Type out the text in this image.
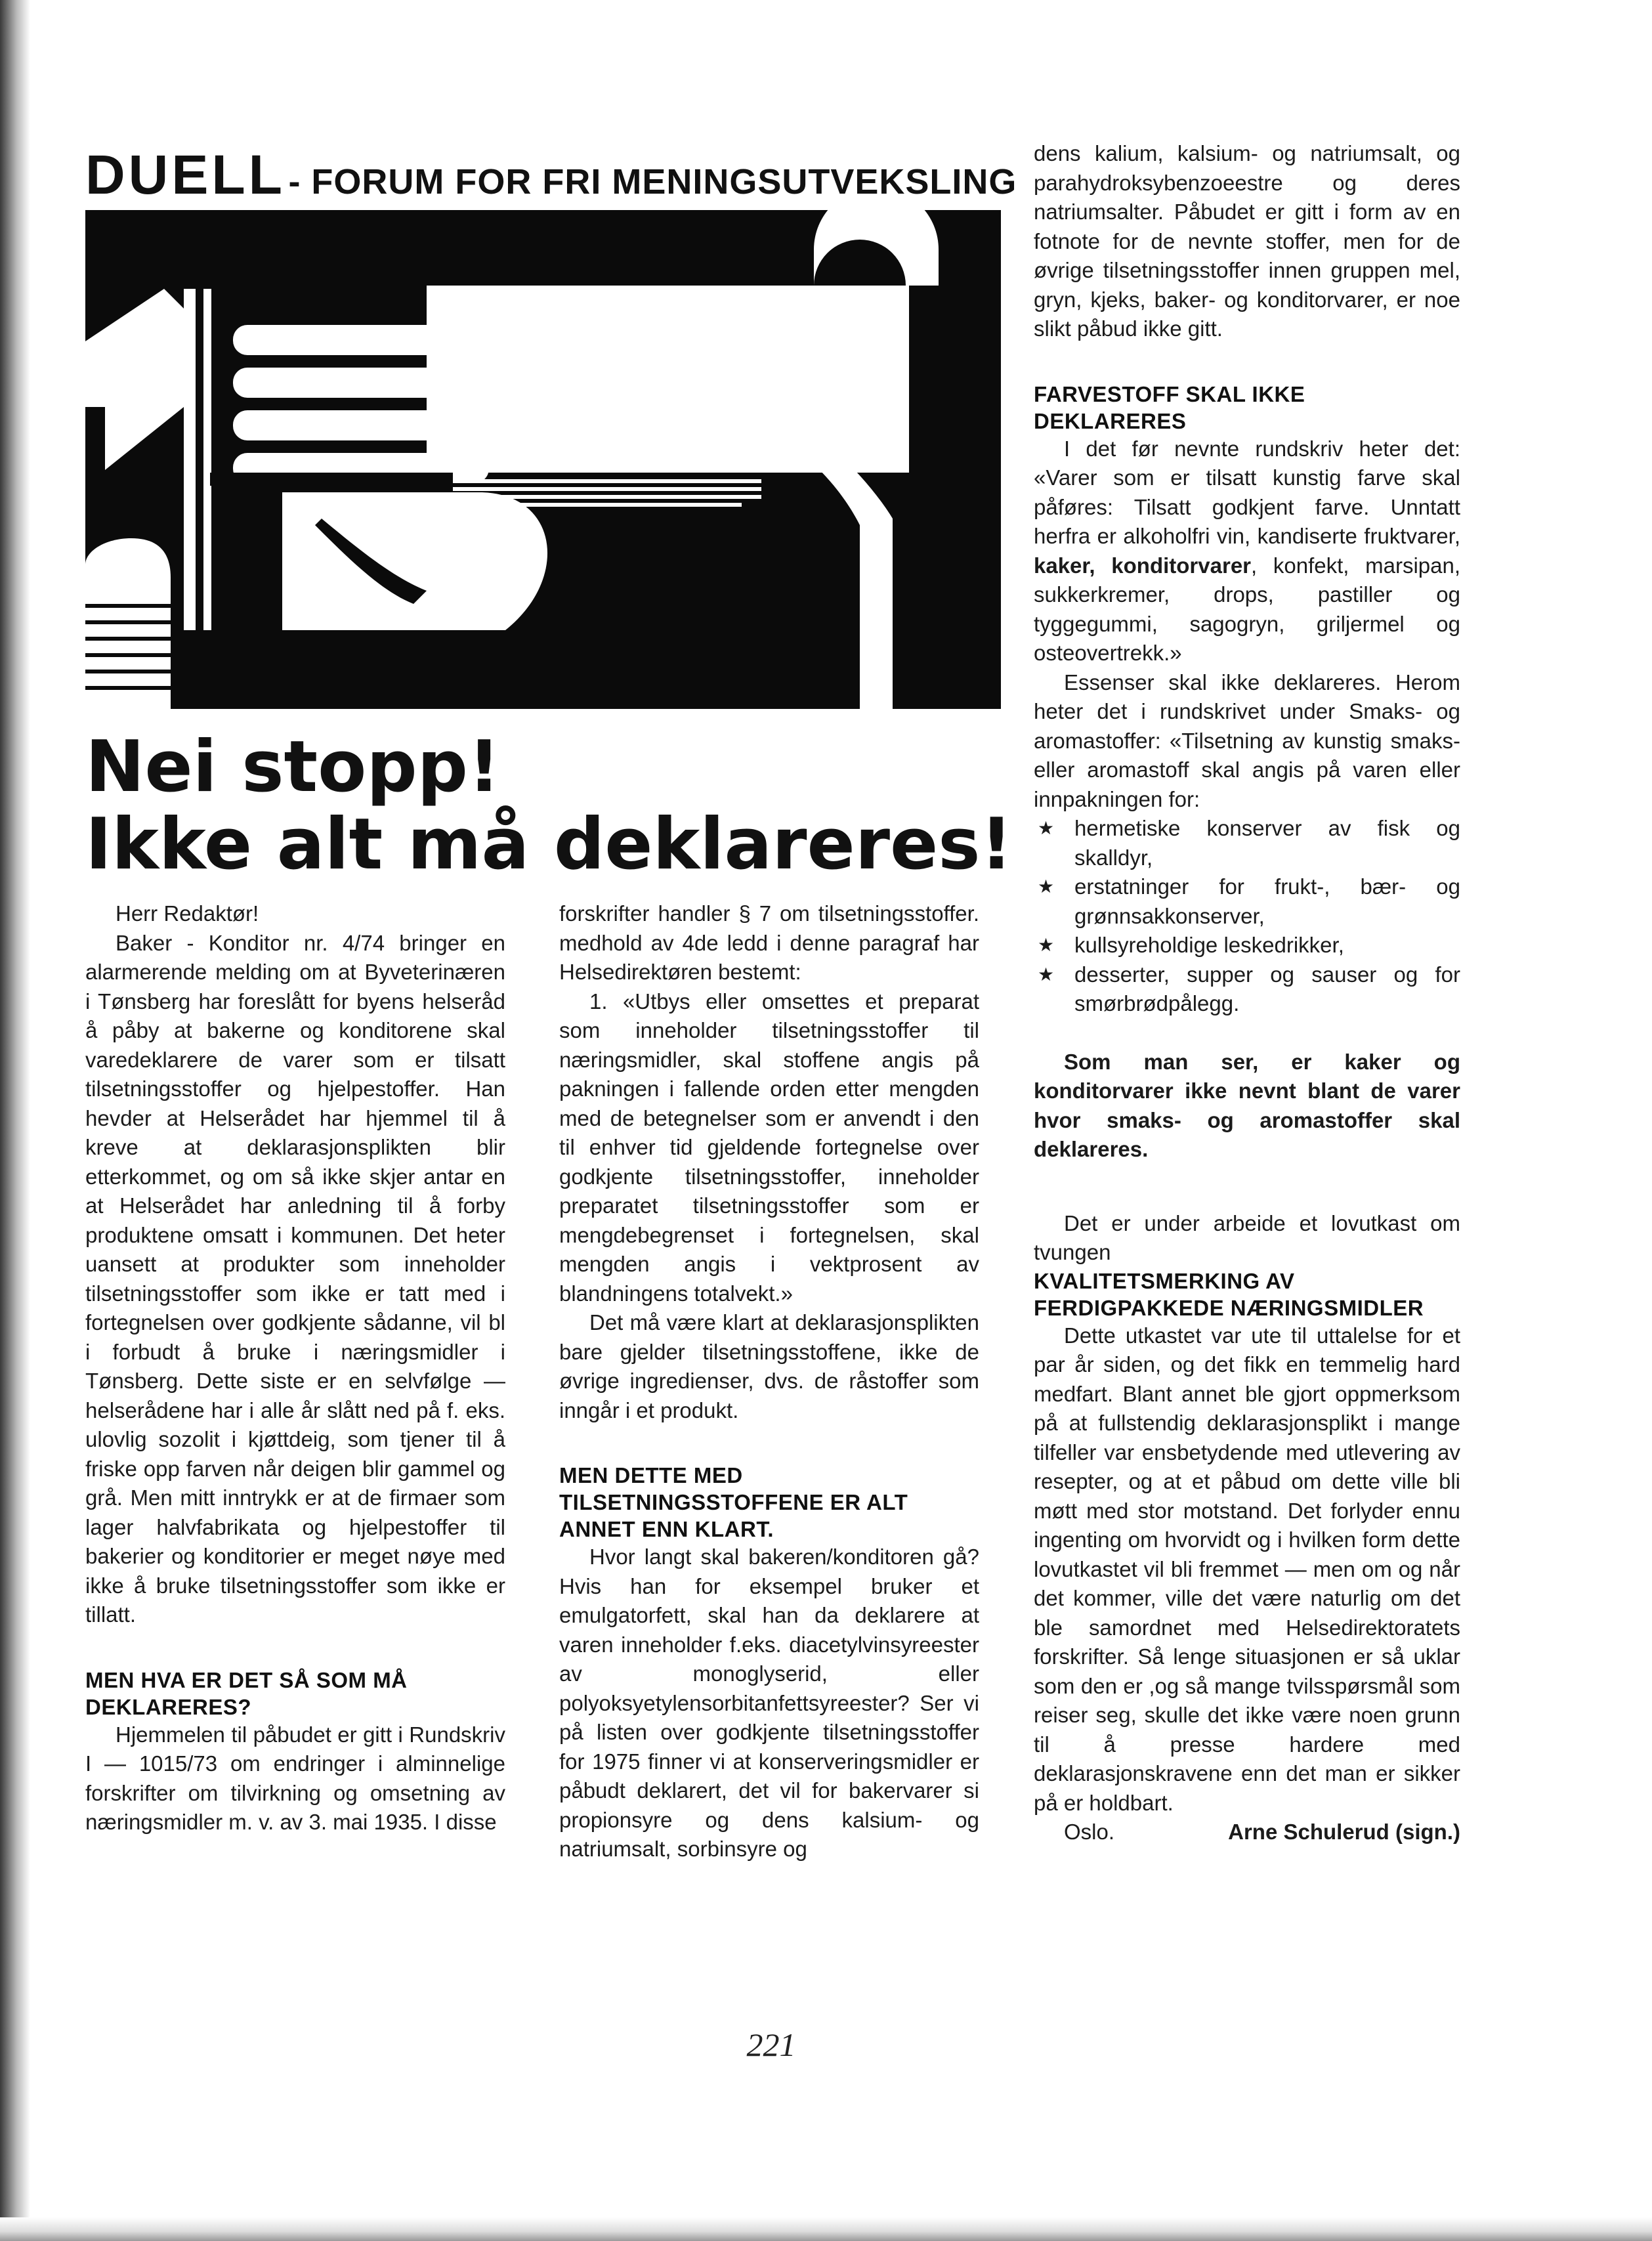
DUELL - FORUM FOR FRI MENINGSUTVEKSLING
Nei stopp!
Ikke alt må deklareres!

Herr Redaktør!

Baker - Konditor nr. 4/74 bringer en alarmerende melding om at Byveterinæren i Tønsberg har foreslått for byens helseråd å påby at bakerne og konditorene skal varedeklarere de varer som er tilsatt tilsetningsstoffer og hjelpestoffer. Han hevder at Helserådet har hjemmel til å kreve at deklarasjonsplikten blir etterkommet, og om så ikke skjer antar en at Helserådet har anledning til å forby produktene omsatt i kommunen. Det heter uansett at produkter som inneholder tilsetningsstoffer som ikke er tatt med i fortegnelsen over godkjente sådanne, vil bl i forbudt å bruke i næringsmidler i Tønsberg. Dette siste er en selvfølge — helserådene har i alle år slått ned på f. eks. ulovlig sozolit i kjøttdeig, som tjener til å friske opp farven når deigen blir gammel og grå. Men mitt inntrykk er at de firmaer som lager halvfabrikata og hjelpestoffer til bakerier og konditorier er meget nøye med ikke å bruke tilsetningsstoffer som ikke er tillatt.

MEN HVA ER DET SÅ SOM MÅ DEKLARERES?

Hjemmelen til påbudet er gitt i Rundskriv I — 1015/73 om endringer i alminnelige forskrifter om tilvirkning og omsetning av næringsmidler m. v. av 3. mai 1935. I disse

forskrifter handler § 7 om tilsetningsstoffer. medhold av 4de ledd i denne paragraf har Helsedirektøren bestemt:

1. «Utbys eller omsettes et preparat som inneholder tilsetningsstoffer til næringsmidler, skal stoffene angis på pakningen i fallende orden etter mengden med de betegnelser som er anvendt i den til enhver tid gjeldende fortegnelse over godkjente tilsetningsstoffer, inneholder preparatet tilsetningsstoffer som er mengdebegrenset i fortegnelsen, skal mengden angis i vektprosent av blandningens totalvekt.»

Det må være klart at deklarasjonsplikten bare gjelder tilsetningsstoffene, ikke de øvrige ingredienser, dvs. de råstoffer som inngår i et produkt.

MEN DETTE MED TILSETNINGSSTOFFENE ER ALT ANNET ENN KLART.

Hvor langt skal bakeren/konditoren gå? Hvis han for eksempel bruker et emulgatorfett, skal han da deklarere at varen inneholder f.eks. diacetylvinsyreester av monoglyserid, eller polyoksyetylensorbitanfettsyreester? Ser vi på listen over godkjente tilsetningsstoffer for 1975 finner vi at konserveringsmidler er påbudt deklarert, det vil for bakervarer si propionsyre og dens kalsium- og natriumsalt, sorbinsyre og

dens kalium, kalsium- og natriumsalt, og parahydroksybenzoeestre og deres natriumsalter. Påbudet er gitt i form av en fotnote for de nevnte stoffer, men for de øvrige tilsetningsstoffer innen gruppen mel, gryn, kjeks, baker- og konditorvarer, er noe slikt påbud ikke gitt.

FARVESTOFF SKAL IKKE DEKLARERES

I det før nevnte rundskriv heter det: «Varer som er tilsatt kunstig farve skal påføres: Tilsatt godkjent farve. Unntatt herfra er alkoholfri vin, kandiserte fruktvarer, kaker, konditorvarer, konfekt, marsipan, sukkerkremer, drops, pastiller og tyggegummi, sagogryn, griljermel og osteovertrekk.»

Essenser skal ikke deklareres. Herom heter det i rundskrivet under Smaks- og aromastoffer: «Tilsetning av kunstig smaks- eller aromastoff skal angis på varen eller innpakningen for:

★ hermetiske konserver av fisk og skalldyr,
★ erstatninger for frukt-, bær- og grønnsakkonserver,
★ kullsyreholdige leskedrikker,
★ desserter, supper og sauser og for smørbrødpålegg.

Som man ser, er kaker og konditorvarer ikke nevnt blant de varer hvor smaks- og aromastoffer skal deklareres.

Det er under arbeide et lovutkast om tvungen

KVALITETSMERKING AV FERDIGPAKKEDE NÆRINGSMIDLER

Dette utkastet var ute til uttalelse for et par år siden, og det fikk en temmelig hard medfart. Blant annet ble gjort oppmerksom på at fullstendig deklarasjonsplikt i mange tilfeller var ensbetydende med utlevering av resepter, og at et påbud om dette ville bli møtt med stor motstand. Det forlyder ennu ingenting om hvorvidt og i hvilken form dette lovutkastet vil bli fremmet — men om og når det kommer, ville det være naturlig om det ble samordnet med Helsedirektoratets forskrifter. Så lenge situasjonen er så uklar som den er ,og så mange tvilsspørsmål som reiser seg, skulle det ikke være noen grunn til å presse hardere med deklarasjonskravene enn det man er sikker på er holdbart.

Oslo.	Arne Schulerud (sign.)
221
